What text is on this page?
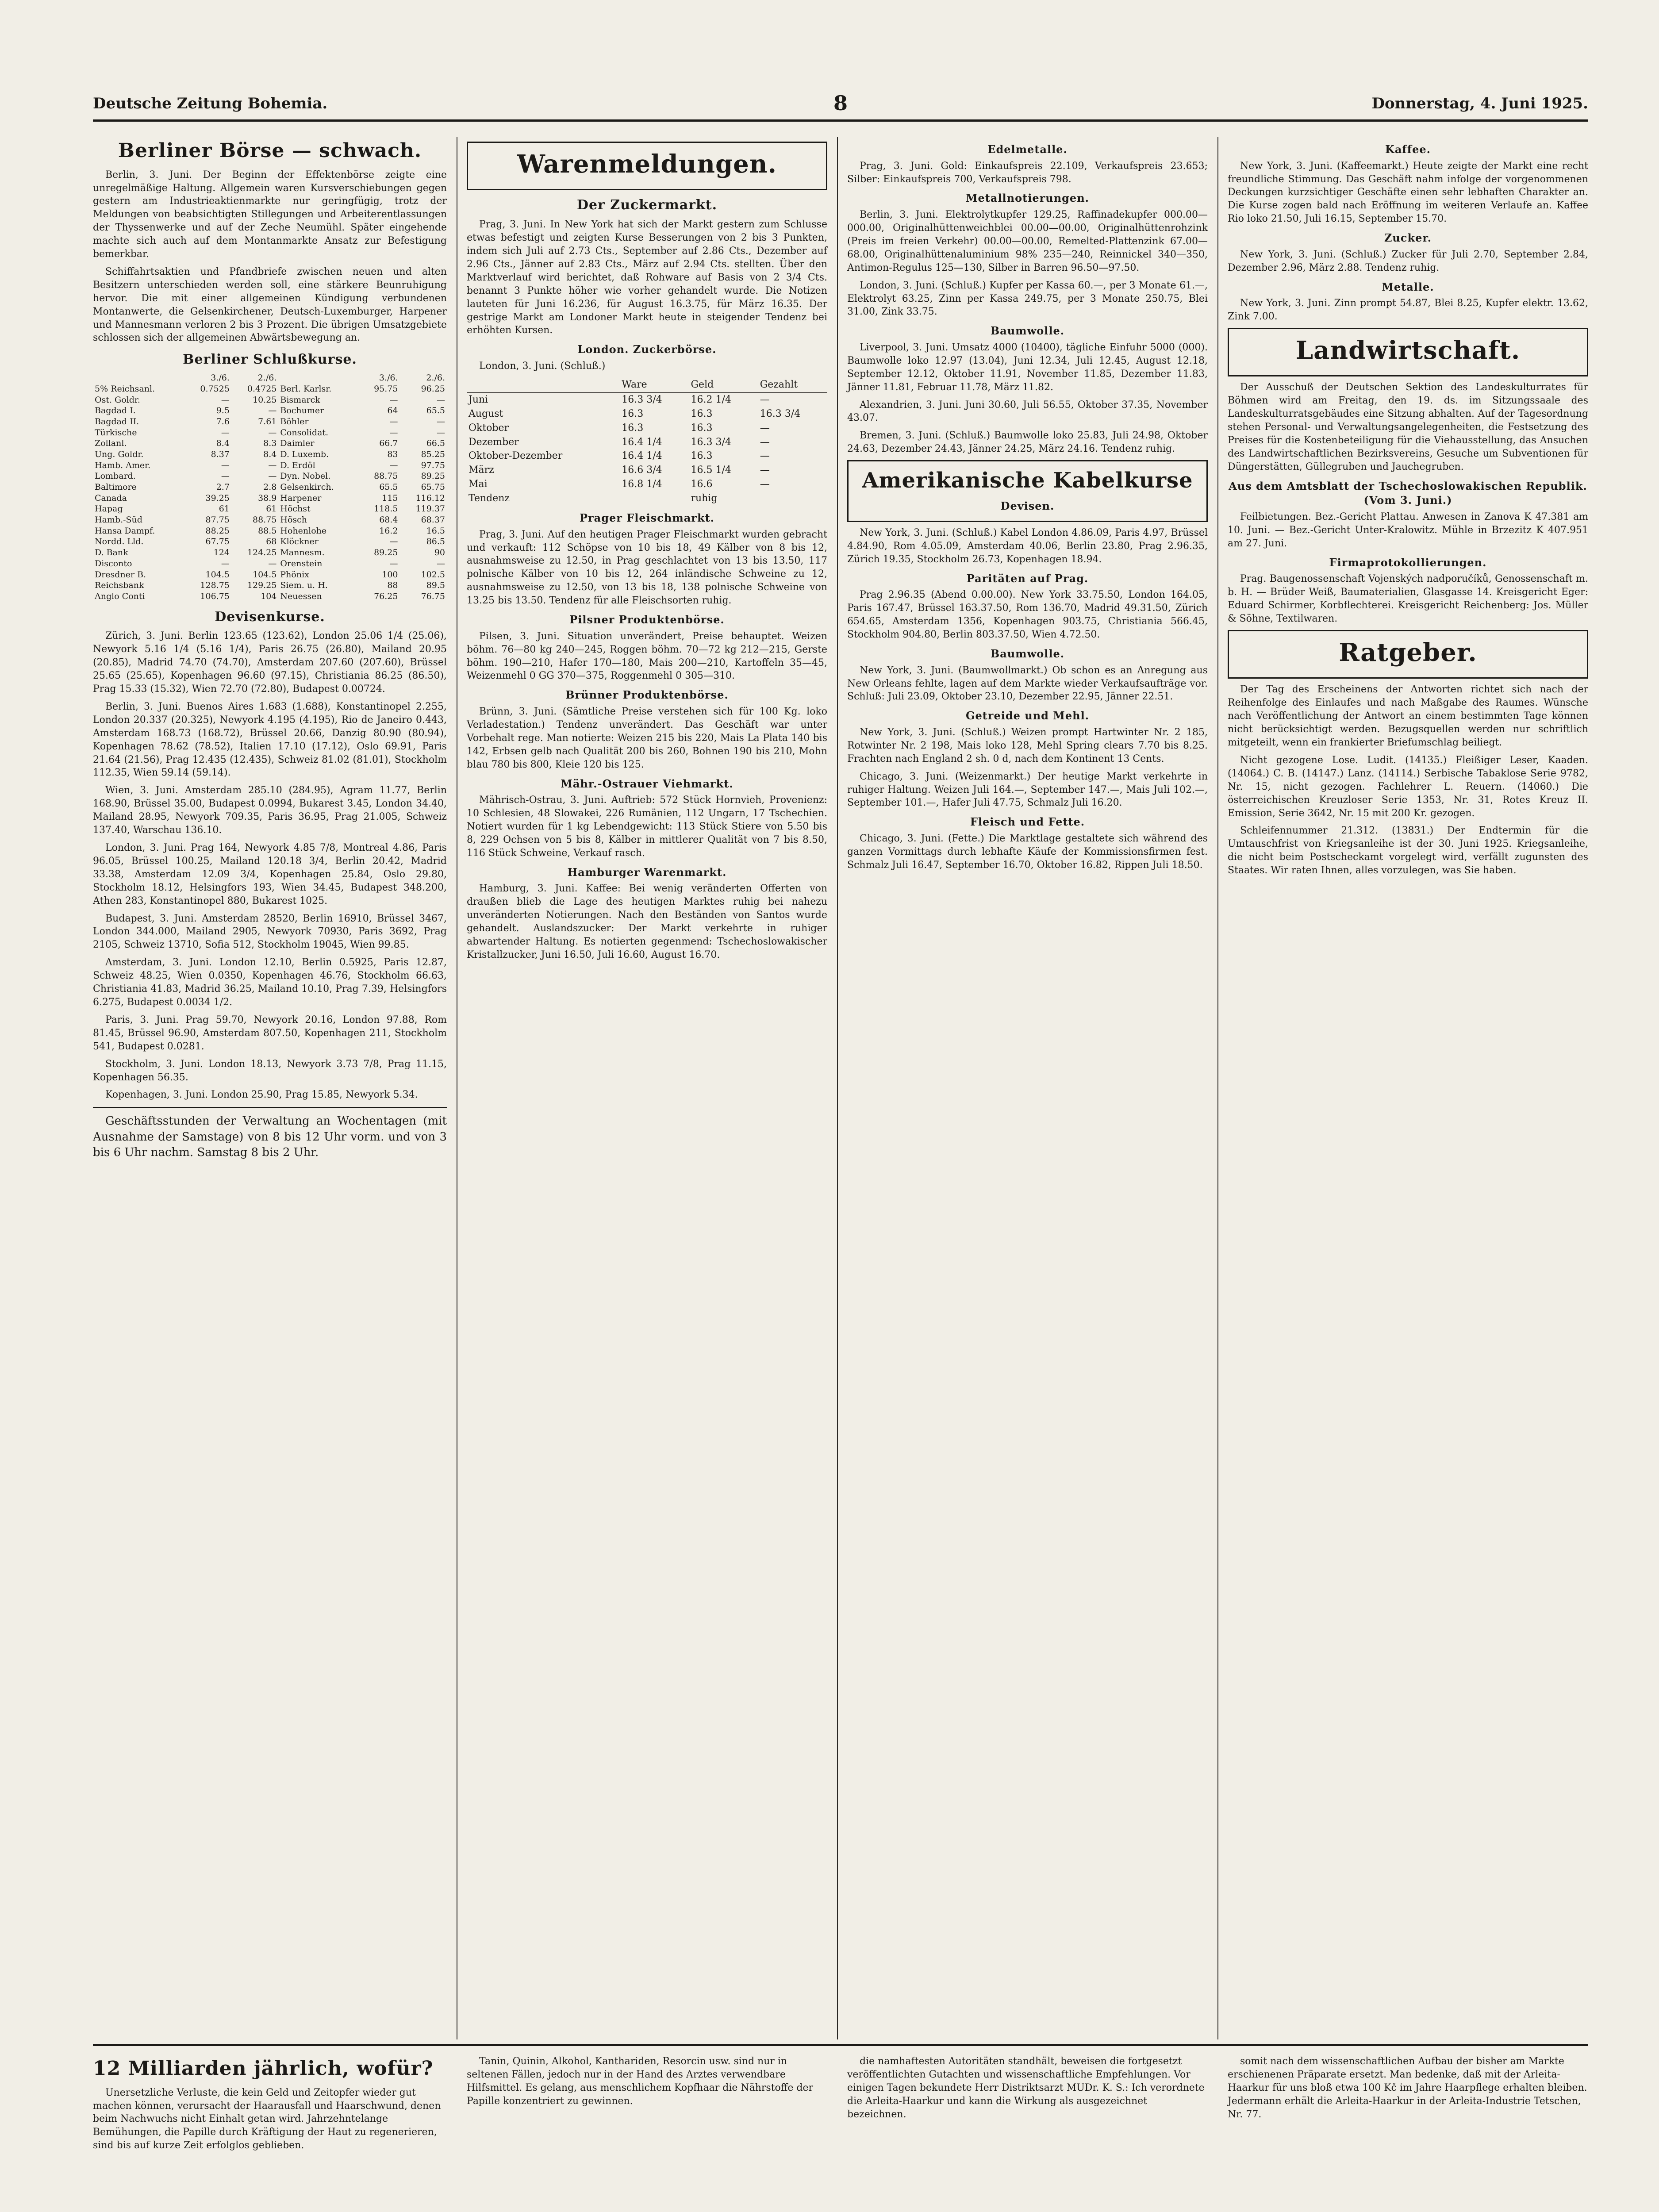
Deutsche Zeitung Bohemia.	8	Donnerstag, 4. Juni 1925.
Berliner Börse — schwach.

Berlin, 3. Juni. Der Beginn der Effektenbörse zeigte eine unregelmäßige Haltung. Allgemein waren Kursverschiebungen gegen gestern am Industrieaktienmarkte nur geringfügig, trotz der Meldungen von beabsichtigten Stillegungen und Arbeiterentlassungen der Thyssenwerke und auf der Zeche Neumühl. Später eingehende machte sich auch auf dem Montanmarkte Ansatz zur Befestigung bemerkbar.

Schiffahrtsaktien und Pfandbriefe zwischen neuen und alten Besitzern unterschieden werden soll, eine stärkere Beunruhigung hervor. Die mit einer allgemeinen Kündigung verbundenen Montanwerte, die Gelsenkirchener, Deutsch-Luxemburger, Harpener und Mannesmann verloren 2 bis 3 Prozent. Die übrigen Umsatzgebiete schlossen sich der allgemeinen Abwärtsbewegung an.

Berliner Schlußkurse.
	3./6.	2./6.		3./6.	2./6.
5% Reichsanl.	0.7525	0.4725	Berl. Karlsr.	95.75	96.25
Ost. Goldr.	—	10.25	Bismarck	—	—
Bagdad I.	9.5	—	Bochumer	64	65.5
Bagdad II.	7.6	7.61	Böhler	—	—
Türkische	—	—	Consolidat.	—	—
Zollanl.	8.4	8.3	Daimler	66.7	66.5
Ung. Goldr.	8.37	8.4	D. Luxemb.	83	85.25
Hamb. Amer.	—	—	D. Erdöl	—	97.75
Lombard.	—	—	Dyn. Nobel.	88.75	89.25
Baltimore	2.7	2.8	Gelsenkirch.	65.5	65.75
Canada	39.25	38.9	Harpener	115	116.12
Hapag	61	61	Höchst	118.5	119.37
Hamb.-Süd	87.75	88.75	Hösch	68.4	68.37
Hansa Dampf.	88.25	88.5	Hohenlohe	16.2	16.5
Nordd. Lld.	67.75	68	Klöckner	—	86.5
D. Bank	124	124.25	Mannesm.	89.25	90
Disconto	—	—	Orenstein	—	—
Dresdner B.	104.5	104.5	Phönix	100	102.5
Reichsbank	128.75	129.25	Siem. u. H.	88	89.5
Anglo Conti	106.75	104	Neuessen	76.25	76.75
Devisenkurse.

Zürich, 3. Juni. Berlin 123.65 (123.62), London 25.06 1/4 (25.06), Newyork 5.16 1/4 (5.16 1/4), Paris 26.75 (26.80), Mailand 20.95 (20.85), Madrid 74.70 (74.70), Amsterdam 207.60 (207.60), Brüssel 25.65 (25.65), Kopenhagen 96.60 (97.15), Christiania 86.25 (86.50), Prag 15.33 (15.32), Wien 72.70 (72.80), Budapest 0.00724.

Berlin, 3. Juni. Buenos Aires 1.683 (1.688), Konstantinopel 2.255, London 20.337 (20.325), Newyork 4.195 (4.195), Rio de Janeiro 0.443, Amsterdam 168.73 (168.72), Brüssel 20.66, Danzig 80.90 (80.94), Kopenhagen 78.62 (78.52), Italien 17.10 (17.12), Oslo 69.91, Paris 21.64 (21.56), Prag 12.435 (12.435), Schweiz 81.02 (81.01), Stockholm 112.35, Wien 59.14 (59.14).

Wien, 3. Juni. Amsterdam 285.10 (284.95), Agram 11.77, Berlin 168.90, Brüssel 35.00, Budapest 0.0994, Bukarest 3.45, London 34.40, Mailand 28.95, Newyork 709.35, Paris 36.95, Prag 21.005, Schweiz 137.40, Warschau 136.10.

London, 3. Juni. Prag 164, Newyork 4.85 7/8, Montreal 4.86, Paris 96.05, Brüssel 100.25, Mailand 120.18 3/4, Berlin 20.42, Madrid 33.38, Amsterdam 12.09 3/4, Kopenhagen 25.84, Oslo 29.80, Stockholm 18.12, Helsingfors 193, Wien 34.45, Budapest 348.200, Athen 283, Konstantinopel 880, Bukarest 1025.

Budapest, 3. Juni. Amsterdam 28520, Berlin 16910, Brüssel 3467, London 344.000, Mailand 2905, Newyork 70930, Paris 3692, Prag 2105, Schweiz 13710, Sofia 512, Stockholm 19045, Wien 99.85.

Amsterdam, 3. Juni. London 12.10, Berlin 0.5925, Paris 12.87, Schweiz 48.25, Wien 0.0350, Kopenhagen 46.76, Stockholm 66.63, Christiania 41.83, Madrid 36.25, Mailand 10.10, Prag 7.39, Helsingfors 6.275, Budapest 0.0034 1/2.

Paris, 3. Juni. Prag 59.70, Newyork 20.16, London 97.88, Rom 81.45, Brüssel 96.90, Amsterdam 807.50, Kopenhagen 211, Stockholm 541, Budapest 0.0281.

Stockholm, 3. Juni. London 18.13, Newyork 3.73 7/8, Prag 11.15, Kopenhagen 56.35.

Kopenhagen, 3. Juni. London 25.90, Prag 15.85, Newyork 5.34.

Geschäftsstunden der Verwaltung an Wochentagen (mit Ausnahme der Samstage) von 8 bis 12 Uhr vorm. und von 3 bis 6 Uhr nachm. Samstag 8 bis 2 Uhr.

Warenmeldungen.
Der Zuckermarkt.

Prag, 3. Juni. In New York hat sich der Markt gestern zum Schlusse etwas befestigt und zeigten Kurse Besserungen von 2 bis 3 Punkten, indem sich Juli auf 2.73 Cts., September auf 2.86 Cts., Dezember auf 2.96 Cts., Jänner auf 2.83 Cts., März auf 2.94 Cts. stellten. Über den Marktverlauf wird berichtet, daß Rohware auf Basis von 2 3/4 Cts. benannt 3 Punkte höher wie vorher gehandelt wurde. Die Notizen lauteten für Juni 16.236, für August 16.3.75, für März 16.35. Der gestrige Markt am Londoner Markt heute in steigender Tendenz bei erhöhten Kursen.

London. Zuckerbörse.

London, 3. Juni. (Schluß.)

	Ware	Geld	Gezahlt
Juni	16.3 3/4	16.2 1/4	—
August	16.3	16.3	16.3 3/4
Oktober	16.3	16.3	—
Dezember	16.4 1/4	16.3 3/4	—
Oktober-Dezember	16.4 1/4	16.3	—
März	16.6 3/4	16.5 1/4	—
Mai	16.8 1/4	16.6	—
Tendenz		ruhig	
Prager Fleischmarkt.

Prag, 3. Juni. Auf den heutigen Prager Fleischmarkt wurden gebracht und verkauft: 112 Schöpse von 10 bis 18, 49 Kälber von 8 bis 12, ausnahmsweise zu 12.50, in Prag geschlachtet von 13 bis 13.50, 117 polnische Kälber von 10 bis 12, 264 inländische Schweine zu 12, ausnahmsweise zu 12.50, von 13 bis 18, 138 polnische Schweine von 13.25 bis 13.50. Tendenz für alle Fleischsorten ruhig.

Pilsner Produktenbörse.

Pilsen, 3. Juni. Situation unverändert, Preise behauptet. Weizen böhm. 76—80 kg 240—245, Roggen böhm. 70—72 kg 212—215, Gerste böhm. 190—210, Hafer 170—180, Mais 200—210, Kartoffeln 35—45, Weizenmehl 0 GG 370—375, Roggenmehl 0 305—310.

Brünner Produktenbörse.

Brünn, 3. Juni. (Sämtliche Preise verstehen sich für 100 Kg. loko Verladestation.) Tendenz unverändert. Das Geschäft war unter Vorbehalt rege. Man notierte: Weizen 215 bis 220, Mais La Plata 140 bis 142, Erbsen gelb nach Qualität 200 bis 260, Bohnen 190 bis 210, Mohn blau 780 bis 800, Kleie 120 bis 125.

Mähr.-Ostrauer Viehmarkt.

Mährisch-Ostrau, 3. Juni. Auftrieb: 572 Stück Hornvieh, Provenienz: 10 Schlesien, 48 Slowakei, 226 Rumänien, 112 Ungarn, 17 Tschechien. Notiert wurden für 1 kg Lebendgewicht: 113 Stück Stiere von 5.50 bis 8, 229 Ochsen von 5 bis 8, Kälber in mittlerer Qualität von 7 bis 8.50, 116 Stück Schweine, Verkauf rasch.

Hamburger Warenmarkt.

Hamburg, 3. Juni. Kaffee: Bei wenig veränderten Offerten von draußen blieb die Lage des heutigen Marktes ruhig bei nahezu unveränderten Notierungen. Nach den Beständen von Santos wurde gehandelt. Auslandszucker: Der Markt verkehrte in ruhiger abwartender Haltung. Es notierten gegenmend: Tschechoslowakischer Kristallzucker, Juni 16.50, Juli 16.60, August 16.70.

Edelmetalle.

Prag, 3. Juni. Gold: Einkaufspreis 22.109, Verkaufspreis 23.653; Silber: Einkaufspreis 700, Verkaufspreis 798.

Metallnotierungen.

Berlin, 3. Juni. Elektrolytkupfer 129.25, Raffinadekupfer 000.00—000.00, Originalhüttenweichblei 00.00—00.00, Originalhüttenrohzink (Preis im freien Verkehr) 00.00—00.00, Remelted-Plattenzink 67.00—68.00, Originalhüttenaluminium 98% 235—240, Reinnickel 340—350, Antimon-Regulus 125—130, Silber in Barren 96.50—97.50.

London, 3. Juni. (Schluß.) Kupfer per Kassa 60.—, per 3 Monate 61.—, Elektrolyt 63.25, Zinn per Kassa 249.75, per 3 Monate 250.75, Blei 31.00, Zink 33.75.

Baumwolle.

Liverpool, 3. Juni. Umsatz 4000 (10400), tägliche Einfuhr 5000 (000). Baumwolle loko 12.97 (13.04), Juni 12.34, Juli 12.45, August 12.18, September 12.12, Oktober 11.91, November 11.85, Dezember 11.83, Jänner 11.81, Februar 11.78, März 11.82.

Alexandrien, 3. Juni. Juni 30.60, Juli 56.55, Oktober 37.35, November 43.07.

Bremen, 3. Juni. (Schluß.) Baumwolle loko 25.83, Juli 24.98, Oktober 24.63, Dezember 24.43, Jänner 24.25, März 24.16. Tendenz ruhig.

Amerikanische Kabelkurse
Devisen.

New York, 3. Juni. (Schluß.) Kabel London 4.86.09, Paris 4.97, Brüssel 4.84.90, Rom 4.05.09, Amsterdam 40.06, Berlin 23.80, Prag 2.96.35, Zürich 19.35, Stockholm 26.73, Kopenhagen 18.94.

Paritäten auf Prag.

Prag 2.96.35 (Abend 0.00.00). New York 33.75.50, London 164.05, Paris 167.47, Brüssel 163.37.50, Rom 136.70, Madrid 49.31.50, Zürich 654.65, Amsterdam 1356, Kopenhagen 903.75, Christiania 566.45, Stockholm 904.80, Berlin 803.37.50, Wien 4.72.50.

Baumwolle.

New York, 3. Juni. (Baumwollmarkt.) Ob schon es an Anregung aus New Orleans fehlte, lagen auf dem Markte wieder Verkaufsaufträge vor. Schluß: Juli 23.09, Oktober 23.10, Dezember 22.95, Jänner 22.51.

Getreide und Mehl.

New York, 3. Juni. (Schluß.) Weizen prompt Hartwinter Nr. 2 185, Rotwinter Nr. 2 198, Mais loko 128, Mehl Spring clears 7.70 bis 8.25. Frachten nach England 2 sh. 0 d, nach dem Kontinent 13 Cents.

Chicago, 3. Juni. (Weizenmarkt.) Der heutige Markt verkehrte in ruhiger Haltung. Weizen Juli 164.—, September 147.—, Mais Juli 102.—, September 101.—, Hafer Juli 47.75, Schmalz Juli 16.20.

Fleisch und Fette.

Chicago, 3. Juni. (Fette.) Die Marktlage gestaltete sich während des ganzen Vormittags durch lebhafte Käufe der Kommissionsfirmen fest. Schmalz Juli 16.47, September 16.70, Oktober 16.82, Rippen Juli 18.50.

Kaffee.

New York, 3. Juni. (Kaffeemarkt.) Heute zeigte der Markt eine recht freundliche Stimmung. Das Geschäft nahm infolge der vorgenommenen Deckungen kurzsichtiger Geschäfte einen sehr lebhaften Charakter an. Die Kurse zogen bald nach Eröffnung im weiteren Verlaufe an. Kaffee Rio loko 21.50, Juli 16.15, September 15.70.

Zucker.

New York, 3. Juni. (Schluß.) Zucker für Juli 2.70, September 2.84, Dezember 2.96, März 2.88. Tendenz ruhig.

Metalle.

New York, 3. Juni. Zinn prompt 54.87, Blei 8.25, Kupfer elektr. 13.62, Zink 7.00.

Landwirtschaft.

Der Ausschuß der Deutschen Sektion des Landeskulturrates für Böhmen wird am Freitag, den 19. ds. im Sitzungssaale des Landeskulturratsgebäudes eine Sitzung abhalten. Auf der Tagesordnung stehen Personal- und Verwaltungsangelegenheiten, die Festsetzung des Preises für die Kostenbeteiligung für die Viehausstellung, das Ansuchen des Landwirtschaftlichen Bezirksvereins, Gesuche um Subventionen für Düngerstätten, Güllegruben und Jauchegruben.

Aus dem Amtsblatt der Tschechoslowakischen Republik. (Vom 3. Juni.)

Feilbietungen. Bez.-Gericht Plattau. Anwesen in Zanova K 47.381 am 10. Juni. — Bez.-Gericht Unter-Kralowitz. Mühle in Brzezitz K 407.951 am 27. Juni.

Firmaprotokollierungen.

Prag. Baugenossenschaft Vojenských nadporučíků, Genossenschaft m. b. H. — Brüder Weiß, Baumaterialien, Glasgasse 14. Kreisgericht Eger: Eduard Schirmer, Korbflechterei. Kreisgericht Reichenberg: Jos. Müller & Söhne, Textilwaren.

Ratgeber.

Der Tag des Erscheinens der Antworten richtet sich nach der Reihenfolge des Einlaufes und nach Maßgabe des Raumes. Wünsche nach Veröffentlichung der Antwort an einem bestimmten Tage können nicht berücksichtigt werden. Bezugsquellen werden nur schriftlich mitgeteilt, wenn ein frankierter Briefumschlag beiliegt.

Nicht gezogene Lose. Ludit. (14135.) Fleißiger Leser, Kaaden. (14064.) C. B. (14147.) Lanz. (14114.) Serbische Tabaklose Serie 9782, Nr. 15, nicht gezogen. Fachlehrer L. Reuern. (14060.) Die österreichischen Kreuzloser Serie 1353, Nr. 31, Rotes Kreuz II. Emission, Serie 3642, Nr. 15 mit 200 Kr. gezogen.

Schleifennummer 21.312. (13831.) Der Endtermin für die Umtauschfrist von Kriegsanleihe ist der 30. Juni 1925. Kriegsanleihe, die nicht beim Postscheckamt vorgelegt wird, verfällt zugunsten des Staates. Wir raten Ihnen, alles vorzulegen, was Sie haben.

12 Milliarden jährlich, wofür?

Unersetzliche Verluste, die kein Geld und Zeitopfer wieder gut machen können, verursacht der Haarausfall und Haarschwund, denen beim Nachwuchs nicht Einhalt getan wird. Jahrzehntelange Bemühungen, die Papille durch Kräftigung der Haut zu regenerieren, sind bis auf kurze Zeit erfolglos geblieben.

Tanin, Quinin, Alkohol, Kanthariden, Resorcin usw. sind nur in seltenen Fällen, jedoch nur in der Hand des Arztes verwendbare Hilfsmittel. Es gelang, aus menschlichem Kopfhaar die Nährstoffe der Papille konzentriert zu gewinnen.

die namhaftesten Autoritäten standhält, beweisen die fortgesetzt veröffentlichten Gutachten und wissenschaftliche Empfehlungen. Vor einigen Tagen bekundete Herr Distriktsarzt MUDr. K. S.: Ich verordnete die Arleita-Haarkur und kann die Wirkung als ausgezeichnet bezeichnen.

somit nach dem wissenschaftlichen Aufbau der bisher am Markte erschienenen Präparate ersetzt. Man bedenke, daß mit der Arleita-Haarkur für uns bloß etwa 100 Kč im Jahre Haarpflege erhalten bleiben. Jedermann erhält die Arleita-Haarkur in der Arleita-Industrie Tetschen, Nr. 77.
